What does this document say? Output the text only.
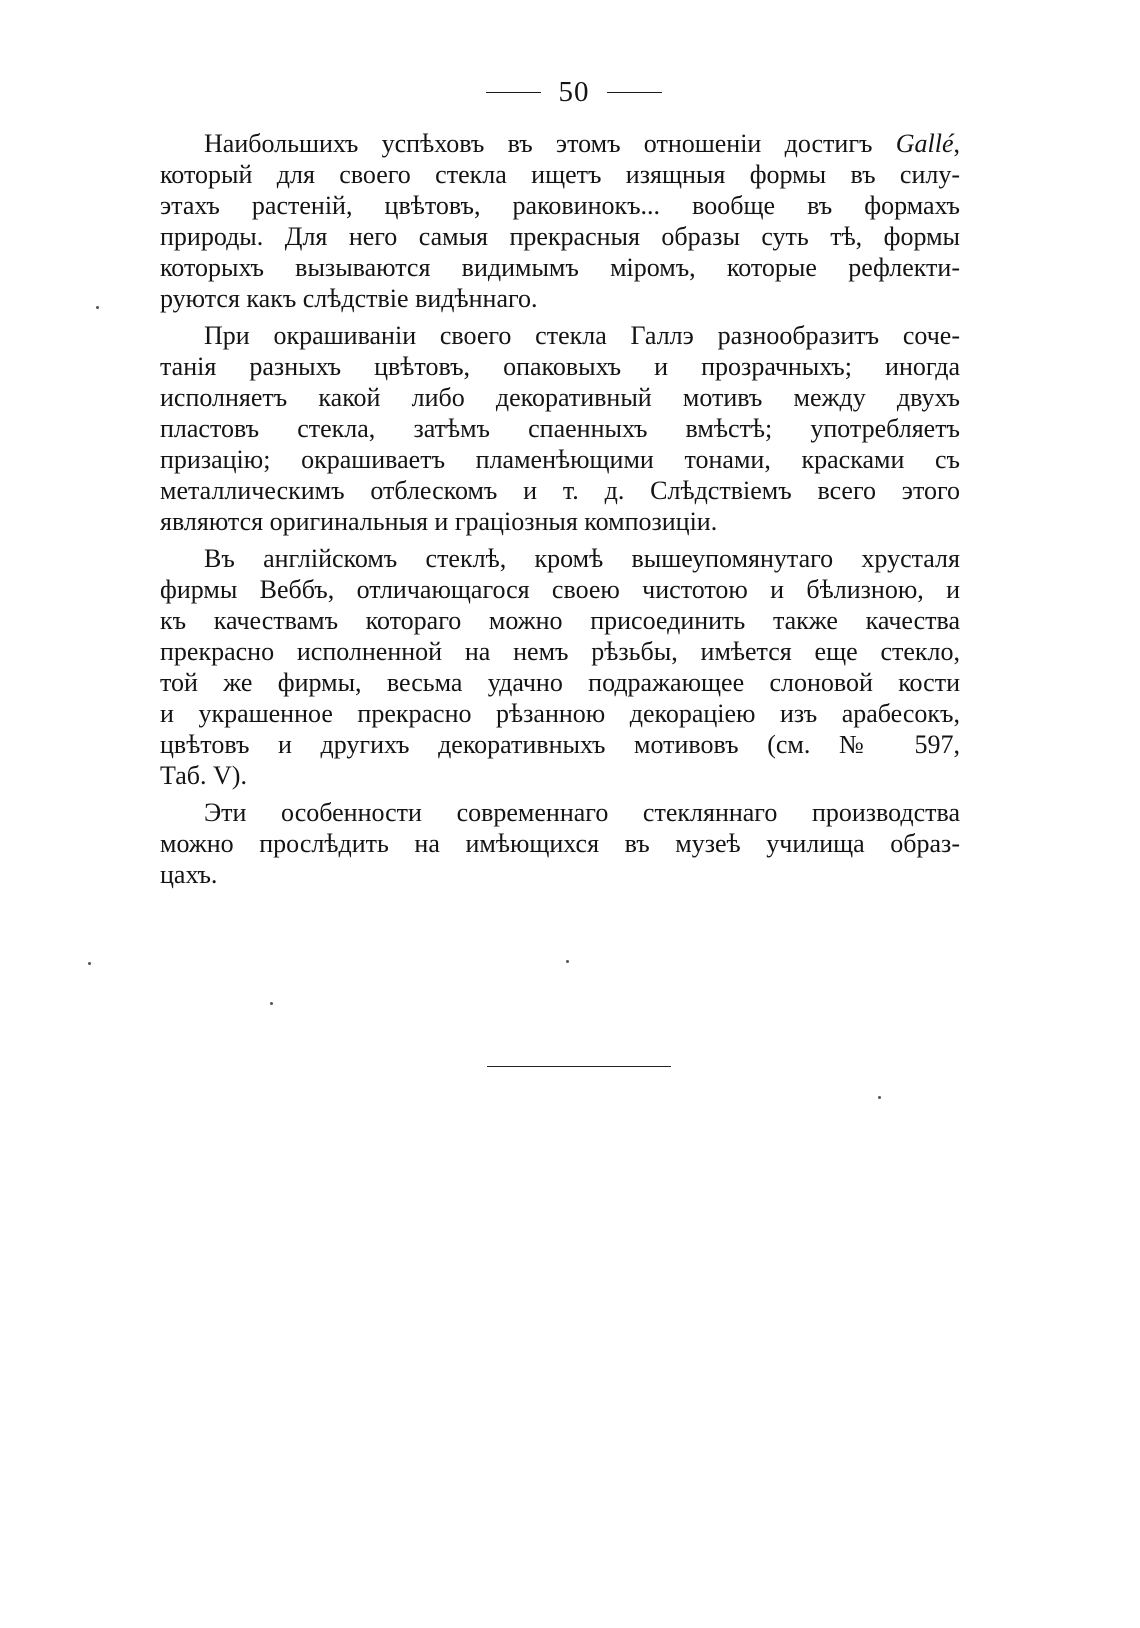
50
Наибольшихъ успѣховъ въ этомъ отношеніи достигъ Gallé,
который для своего стекла ищетъ изящныя формы въ силу-
этахъ растеній, цвѣтовъ, раковинокъ... вообще въ формахъ
природы. Для него самыя прекрасныя образы суть тѣ, формы
которыхъ вызываются видимымъ міромъ, которые рефлекти-
руются какъ слѣдствіе видѣннаго.
При окрашиваніи своего стекла Галлэ разнообразитъ соче-
танія разныхъ цвѣтовъ, опаковыхъ и прозрачныхъ; иногда
исполняетъ какой либо декоративный мотивъ между двухъ
пластовъ стекла, затѣмъ спаенныхъ вмѣстѣ; употребляетъ
призацію; окрашиваетъ пламенѣющими тонами, красками съ
металлическимъ отблескомъ и т. д. Слѣдствіемъ всего этого
являются оригинальныя и граціозныя композиціи.
Въ англійскомъ стеклѣ, кромѣ вышеупомянутаго хрусталя
фирмы Веббъ, отличающагося своею чистотою и бѣлизною, и
къ качествамъ котораго можно присоединить также качества
прекрасно исполненной на немъ рѣзьбы, имѣется еще стекло,
той же фирмы, весьма удачно подражающее слоновой кости
и украшенное прекрасно рѣзанною декораціею изъ арабесокъ,
цвѣтовъ и другихъ декоративныхъ мотивовъ (см. № 597,
Таб. V).
Эти особенности современнаго стекляннаго производства
можно прослѣдить на имѣющихся въ музеѣ училища образ-
цахъ.
